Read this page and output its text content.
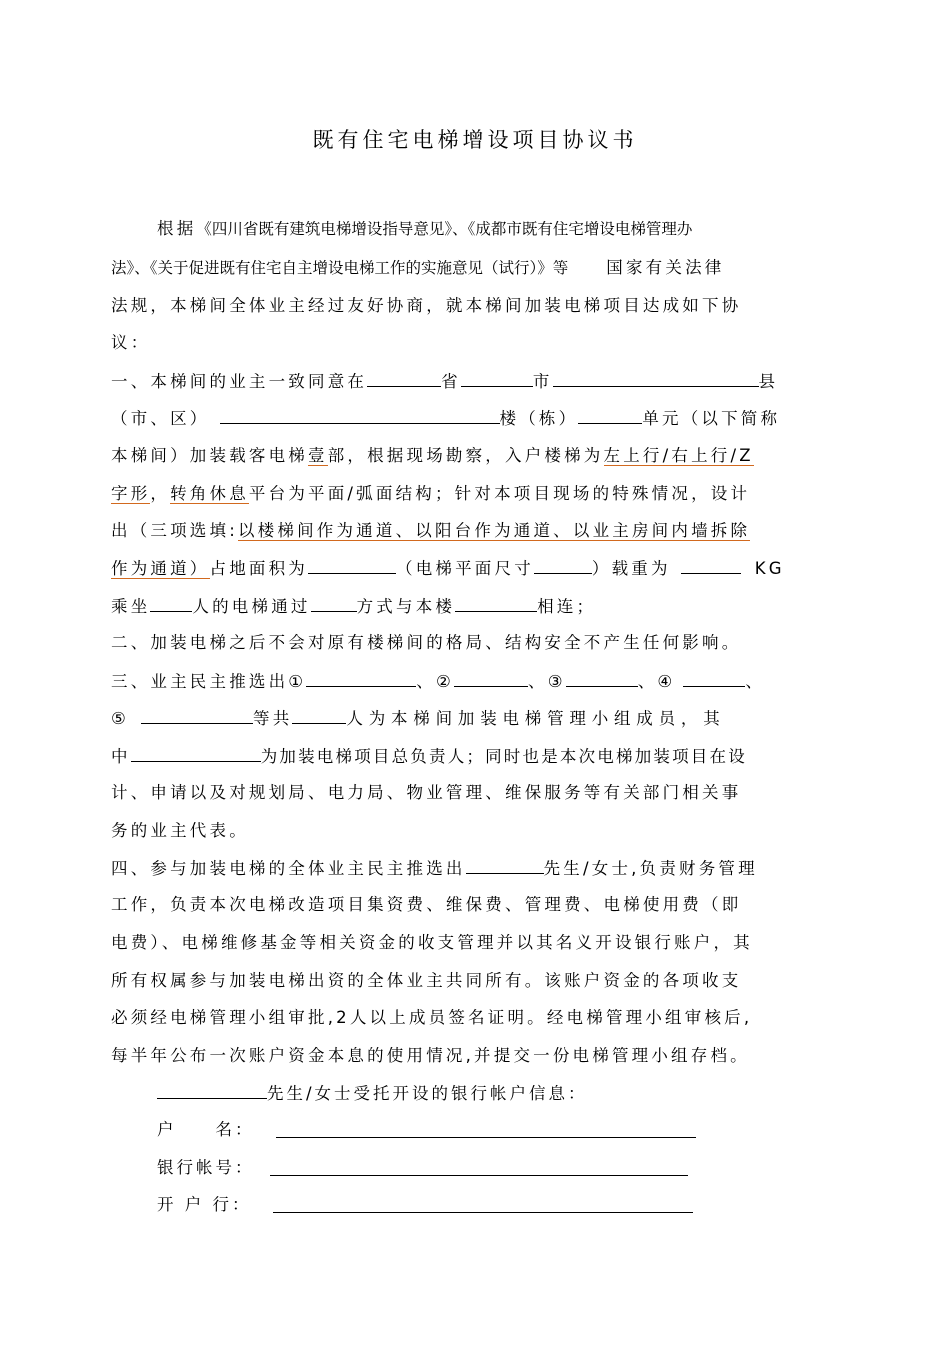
既有住宅电梯增设项目协议书
根据《四川省既有建筑电梯增设指导意见》、《成都市既有住宅增设电梯管理办
法》、《关于促进既有住宅自主增设电梯工作的实施意见（试行）》等 国家有关法律
法规，本梯间全体业主经过友好协商，就本梯间加装电梯项目达成如下协
议：
一、本梯间的业主一致同意在	省	市	县
（市、区）	楼（栋）	单元（以下简称
本梯间）加装载客电梯壹部，根据现场勘察，入户楼梯为左上行/右上行/Z
字形，转角休息平台为平面/弧面结构；针对本项目现场的特殊情况，设计
出（三项选填:以楼梯间作为通道、以阳台作为通道、以业主房间内墙拆除
作为通道）占地面积为	（电梯平面尺寸	）载重为	KG
乘坐	人的电梯通过	方式与本楼	相连；
二、加装电梯之后不会对原有楼梯间的格局、结构安全不产生任何影响。
三、业主民主推选出①	、②	、③	、④	、
⑤	等共	人为本梯间加装电梯管理小组成员，其
中	为加装电梯项目总负责人；同时也是本次电梯加装项目在设
计、申请以及对规划局、电力局、物业管理、维保服务等有关部门相关事
务的业主代表。
四、参与加装电梯的全体业主民主推选出	先生/女士,负责财务管理
工作，负责本次电梯改造项目集资费、维保费、管理费、电梯使用费（即
电费）、电梯维修基金等相关资金的收支管理并以其名义开设银行账户，其
所有权属参与加装电梯出资的全体业主共同所有。该账户资金的各项收支
必须经电梯管理小组审批,2人以上成员签名证明。经电梯管理小组审核后,
每半年公布一次账户资金本息的使用情况,并提交一份电梯管理小组存档。
先生/女士受托开设的银行帐户信息：
户　　名：
银行帐号：
开 户 行：
